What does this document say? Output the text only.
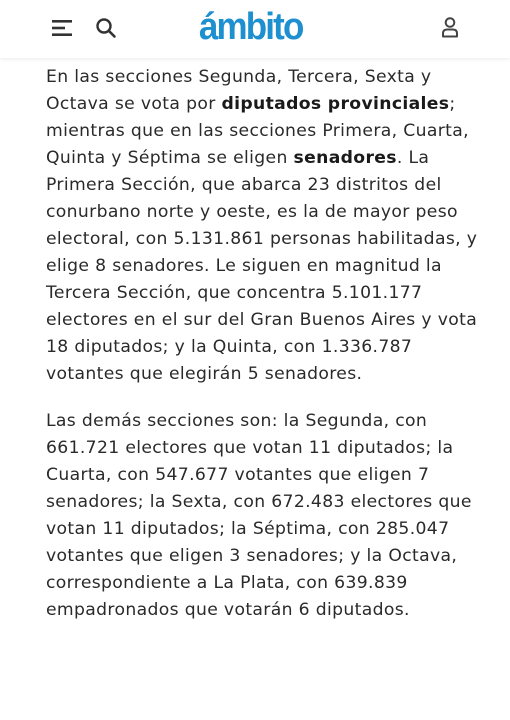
ámbito

En las secciones Segunda, Tercera, Sexta y Octava se vota por diputados provinciales; mientras que en las secciones Primera, Cuarta, Quinta y Séptima se eligen senadores. La Primera Sección, que abarca 23 distritos del conurbano norte y oeste, es la de mayor peso electoral, con 5.131.861 personas habilitadas, y elige 8 senadores. Le siguen en magnitud la Tercera Sección, que concentra 5.101.177 electores en el sur del Gran Buenos Aires y vota 18 diputados; y la Quinta, con 1.336.787 votantes que elegirán 5 senadores.

Las demás secciones son: la Segunda, con 661.721 electores que votan 11 diputados; la Cuarta, con 547.677 votantes que eligen 7 senadores; la Sexta, con 672.483 electores que votan 11 diputados; la Séptima, con 285.047 votantes que eligen 3 senadores; y la Octava, correspondiente a La Plata, con 639.839 empadronados que votarán 6 diputados.
